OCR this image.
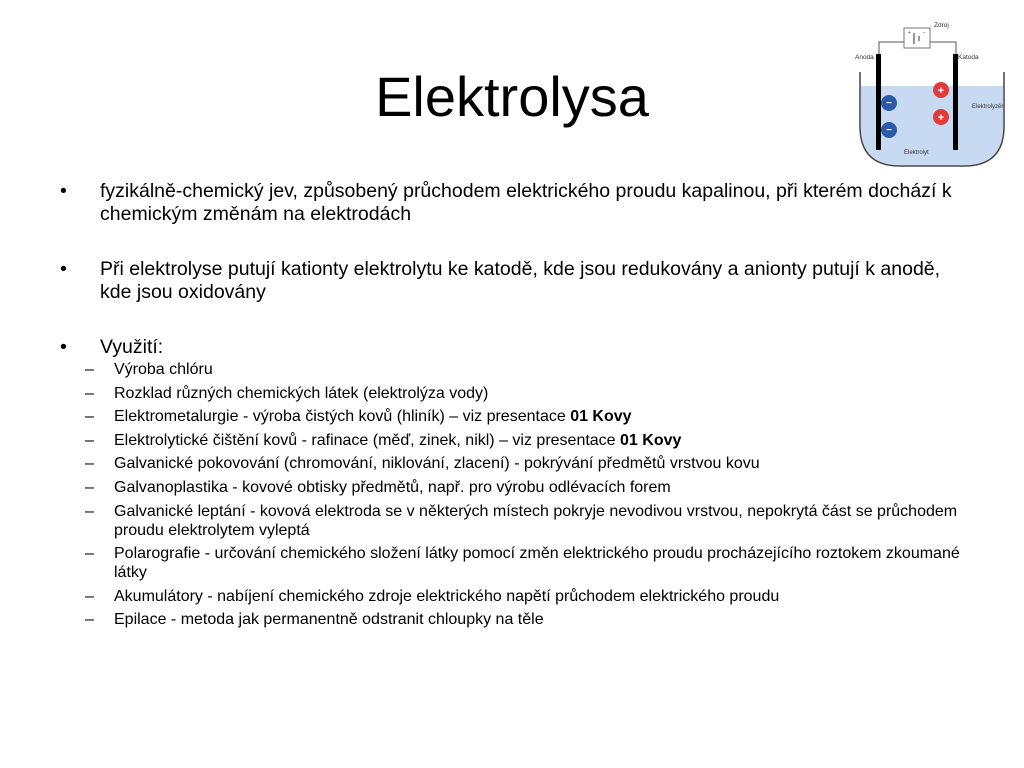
Elektrolysa
+ −
Zdroj
Anoda	Katoda
Elektrolyzér
Elektrolyt
−
−
+
+
• fyzikálně-chemický jev, způsobený průchodem elektrického proudu kapalinou, při kterém dochází k chemickým změnám na elektrodách
• Při elektrolyse putují kationty elektrolytu ke katodě, kde jsou redukovány a anionty putují k anodě, kde jsou oxidovány
• Využití:
– Výroba chlóru
– Rozklad různých chemických látek (elektrolýza vody)
– Elektrometalurgie - výroba čistých kovů (hliník) – viz presentace 01 Kovy
– Elektrolytické čištění kovů - rafinace (měď, zinek, nikl) – viz presentace 01 Kovy
– Galvanické pokovování (chromování, niklování, zlacení) - pokrývání předmětů vrstvou kovu
– Galvanoplastika - kovové obtisky předmětů, např. pro výrobu odlévacích forem
– Galvanické leptání - kovová elektroda se v některých místech pokryje nevodivou vrstvou, nepokrytá část se průchodem proudu elektrolytem vyleptá
– Polarografie - určování chemického složení látky pomocí změn elektrického proudu procházejícího roztokem zkoumané látky
– Akumulátory - nabíjení chemického zdroje elektrického napětí průchodem elektrického proudu
– Epilace - metoda jak permanentně odstranit chloupky na těle
